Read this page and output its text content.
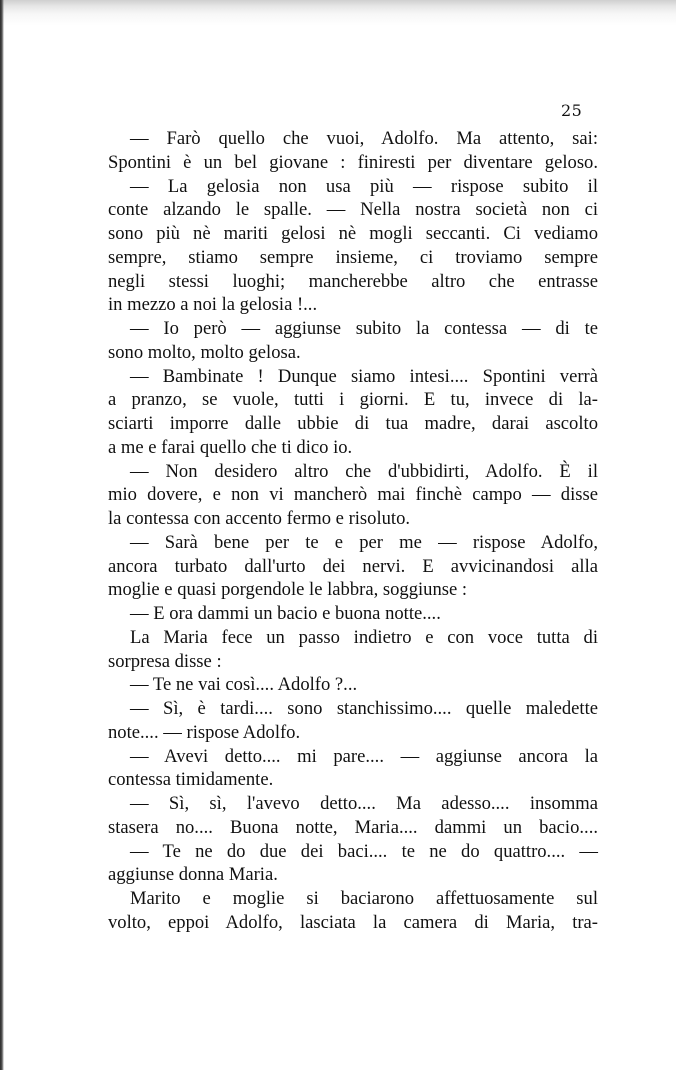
25
— Farò quello che vuoi, Adolfo. Ma attento, sai:
Spontini è un bel giovane : finiresti per diventare geloso.
— La gelosia non usa più — rispose subito il
conte alzando le spalle. — Nella nostra società non ci
sono più nè mariti gelosi nè mogli seccanti. Ci vediamo
sempre, stiamo sempre insieme, ci troviamo sempre
negli stessi luoghi; mancherebbe altro che entrasse
in mezzo a noi la gelosia !...
— Io però — aggiunse subito la contessa — di te
sono molto, molto gelosa.
— Bambinate ! Dunque siamo intesi.... Spontini verrà
a pranzo, se vuole, tutti i giorni. E tu, invece di la-
sciarti imporre dalle ubbie di tua madre, darai ascolto
a me e farai quello che ti dico io.
— Non desidero altro che d'ubbidirti, Adolfo. È il
mio dovere, e non vi mancherò mai finchè campo — disse
la contessa con accento fermo e risoluto.
— Sarà bene per te e per me — rispose Adolfo,
ancora turbato dall'urto dei nervi. E avvicinandosi alla
moglie e quasi porgendole le labbra, soggiunse :
— E ora dammi un bacio e buona notte....
La Maria fece un passo indietro e con voce tutta di
sorpresa disse :
— Te ne vai così.... Adolfo ?...
— Sì, è tardi.... sono stanchissimo.... quelle maledette
note.... — rispose Adolfo.
— Avevi detto.... mi pare.... — aggiunse ancora la
contessa timidamente.
— Sì, sì, l'avevo detto.... Ma adesso.... insomma
stasera no.... Buona notte, Maria.... dammi un bacio....
— Te ne do due dei baci.... te ne do quattro.... —
aggiunse donna Maria.
Marito e moglie si baciarono affettuosamente sul
volto, eppoi Adolfo, lasciata la camera di Maria, tra-
